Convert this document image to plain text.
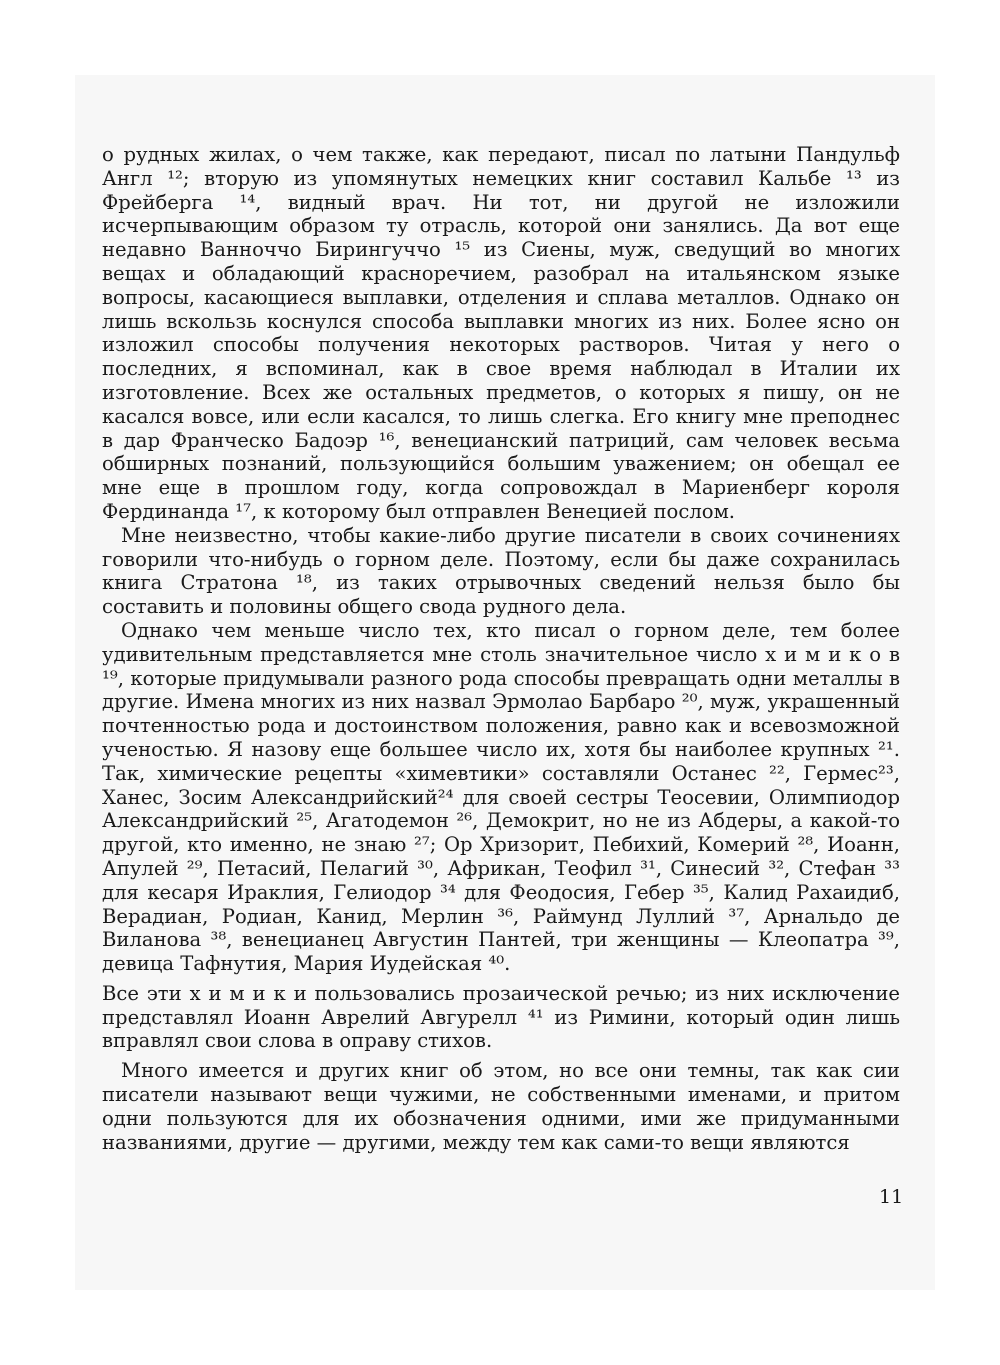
о рудных жилах, о чем также, как передают, писал по латыни Пандульф Англ ¹²; вторую из упомянутых немецких книг составил Кальбе ¹³ из Фрейберга ¹⁴, видный врач. Ни тот, ни другой не изложили исчерпывающим образом ту отрасль, которой они занялись. Да вот еще недавно Ванноччо Бирингуччо ¹⁵ из Сиены, муж, сведущий во многих вещах и обладающий красноречием, разобрал на итальянском языке вопросы, касающиеся выплавки, отделения и сплава металлов. Однако он лишь вскользь коснулся способа выплавки многих из них. Более ясно он изложил способы получения некоторых растворов. Читая у него о последних, я вспоминал, как в свое время наблюдал в Италии их изготовление. Всех же остальных предметов, о которых я пишу, он не касался вовсе, или если касался, то лишь слегка. Его книгу мне преподнес в дар Франческо Бадоэр ¹⁶, венецианский патриций, сам человек весьма обширных познаний, пользующийся большим уважением; он обещал ее мне еще в прошлом году, когда сопровождал в Мариенберг короля Фердинанда ¹⁷, к которому был отправлен Венецией послом.

Мне неизвестно, чтобы какие-либо другие писатели в своих сочинениях говорили что-нибудь о горном деле. Поэтому, если бы даже сохранилась книга Стратона ¹⁸, из таких отрывочных сведений нельзя было бы составить и половины общего свода рудного дела.

Однако чем меньше число тех, кто писал о горном деле, тем более удивительным представляется мне столь значительное число х и м и к о в ¹⁹, которые придумывали разного рода способы превращать одни металлы в другие. Имена многих из них назвал Эрмолао Барбаро ²⁰, муж, украшенный почтенностью рода и достоинством положения, равно как и всевозможной ученостью. Я назову еще большее число их, хотя бы наиболее крупных ²¹. Так, химические рецепты «химевтики» составляли Останес ²², Гермес²³, Ханес, Зосим Александрийский²⁴ для своей сестры Теосевии, Олимпиодор Александрийский ²⁵, Агатодемон ²⁶, Демокрит, но не из Абдеры, а какой-то другой, кто именно, не знаю ²⁷; Ор Хризорит, Пебихий, Комерий ²⁸, Иоанн, Апулей ²⁹, Петасий, Пелагий ³⁰, Африкан, Теофил ³¹, Синесий ³², Стефан ³³ для кесаря Ираклия, Гелиодор ³⁴ для Феодосия, Гебер ³⁵, Калид Рахаидиб, Верадиан, Родиан, Канид, Мерлин ³⁶, Раймунд Луллий ³⁷, Арнальдо де Виланова ³⁸, венецианец Августин Пантей, три женщины — Клеопатра ³⁹, девица Тафнутия, Мария Иудейская ⁴⁰.

Все эти х и м и к и пользовались прозаической речью; из них исключение представлял Иоанн Аврелий Авгурелл ⁴¹ из Римини, который один лишь вправлял свои слова в оправу стихов.

Много имеется и других книг об этом, но все они темны, так как сии писатели называют вещи чужими, не собственными именами, и притом одни пользуются для их обозначения одними, ими же придуманными названиями, другие — другими, между тем как сами-то вещи являются

11
